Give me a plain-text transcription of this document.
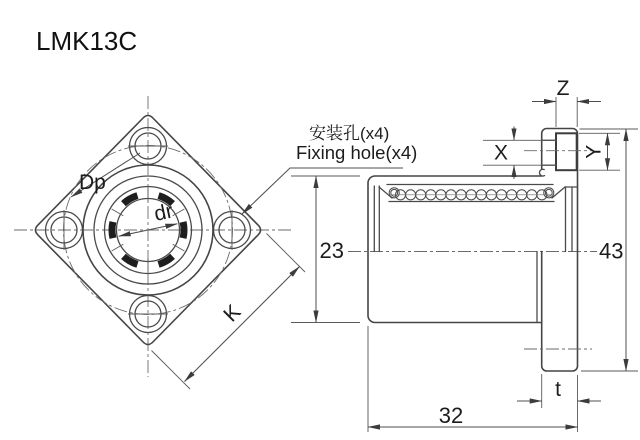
LMK13C
Dp
dr
K
23	43
32
t
Z
X	Y
安装孔(x4)
Fixing hole(x4)
